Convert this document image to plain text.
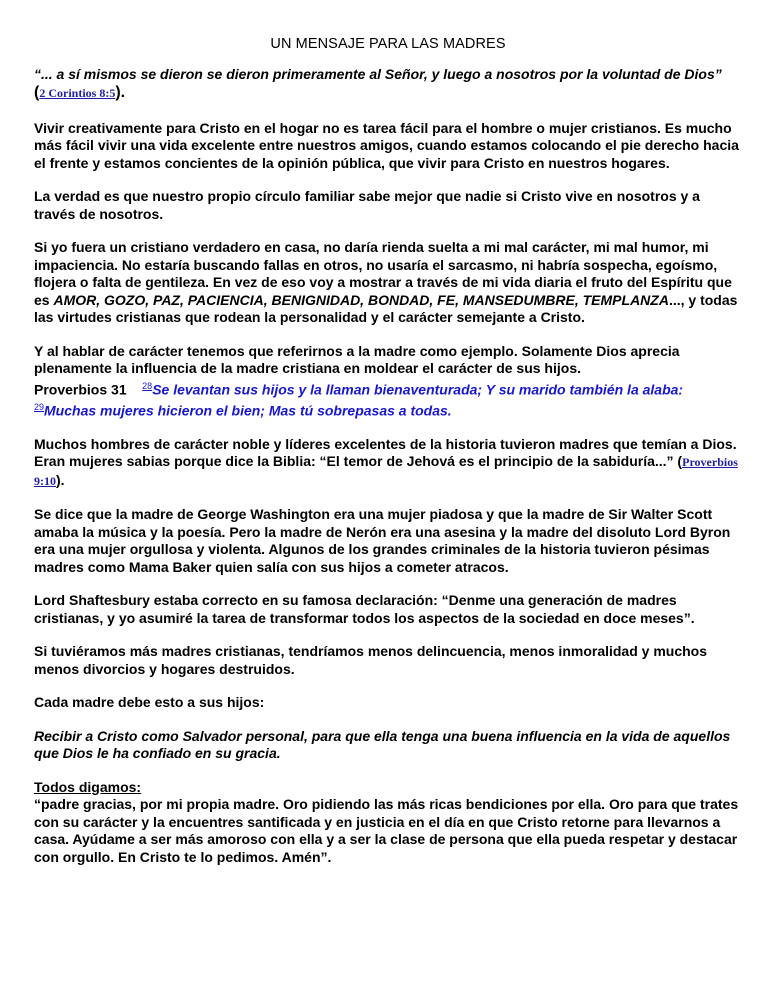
UN MENSAJE PARA LAS MADRES

“... a sí mismos se dieron se dieron primeramente al Señor, y luego a nosotros por la voluntad de Dios”

(2 Corintios 8:5).

Vivir creativamente para Cristo en el hogar no es tarea fácil para el hombre o mujer cristianos. Es mucho más fácil vivir una vida excelente entre nuestros amigos, cuando estamos colocando el pie derecho hacia el frente y estamos concientes de la opinión pública, que vivir para Cristo en nuestros hogares.

La verdad es que nuestro propio círculo familiar sabe mejor que nadie si Cristo vive en nosotros y a través de nosotros.

Si yo fuera un cristiano verdadero en casa, no daría rienda suelta a mi mal carácter, mi mal humor, mi impaciencia. No estaría buscando fallas en otros, no usaría el sarcasmo, ni habría sospecha, egoísmo, flojera o falta de gentileza. En vez de eso voy a mostrar a través de mi vida diaria el fruto del Espíritu que es AMOR, GOZO, PAZ, PACIENCIA, BENIGNIDAD, BONDAD, FE, MANSEDUMBRE, TEMPLANZA..., y todas las virtudes cristianas que rodean la personalidad y el carácter semejante a Cristo.

Y al hablar de carácter tenemos que referirnos a la madre como ejemplo. Solamente Dios aprecia plenamente la influencia de la madre cristiana en moldear el carácter de sus hijos.
Proverbios 31 $^{28}$Se levantan sus hijos y la llaman bienaventurada; Y su marido también la alaba:   $^{29}$Muchas mujeres hicieron el bien; Mas tú sobrepasas a todas.

Muchos hombres de carácter noble y líderes excelentes de la historia tuvieron madres que temían a Dios. Eran mujeres sabias porque dice la Biblia: “El temor de Jehová es el principio de la sabiduría...” (Proverbios 9:10).

Se dice que la madre de George Washington era una mujer piadosa y que la madre de Sir Walter Scott amaba la música y la poesía. Pero la madre de Nerón era una asesina y la madre del disoluto Lord Byron era una mujer orgullosa y violenta. Algunos de los grandes criminales de la historia tuvieron pésimas madres como Mama Baker quien salía con sus hijos a cometer atracos.

Lord Shaftesbury estaba correcto en su famosa declaración: “Denme una generación de madres cristianas, y yo asumiré la tarea de transformar todos los aspectos de la sociedad en doce meses”.

Si tuviéramos más madres cristianas, tendríamos menos delincuencia, menos inmoralidad y muchos menos divorcios y hogares destruidos.

Cada madre debe esto a sus hijos:

Recibir a Cristo como Salvador personal, para que ella tenga una buena influencia en la vida de aquellos que Dios le ha confiado en su gracia.

Todos digamos:

“padre gracias, por mi propia madre. Oro pidiendo las más ricas bendiciones por ella. Oro para que trates con su carácter y la encuentres santificada y en justicia en el día en que Cristo retorne para llevarnos a casa. Ayúdame a ser más amoroso con ella y a ser la clase de persona que ella pueda respetar y destacar con orgullo. En Cristo te lo pedimos. Amén”.
